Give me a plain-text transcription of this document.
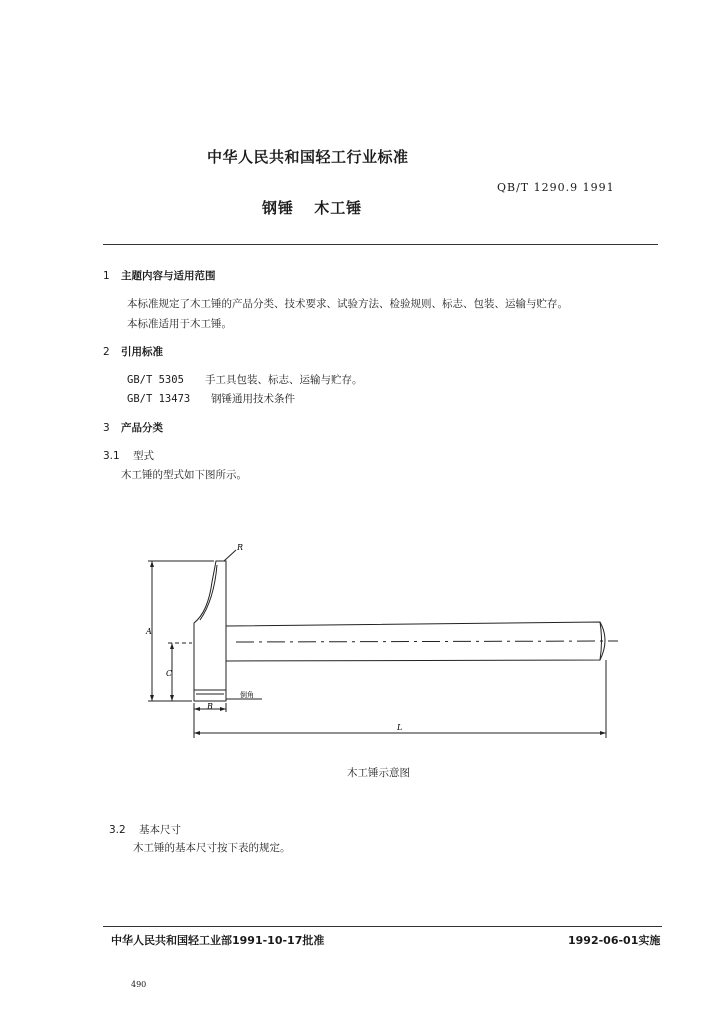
中华人民共和国轻工行业标准
QB/T 1290.9 1991
钢锤 木工锤
1 主题内容与适用范围
本标准规定了木工锤的产品分类、技术要求、试验方法、检验规则、标志、包装、运输与贮存。
本标准适用于木工锤。
2 引用标准
GB/T 5305 手工具包装、标志、运输与贮存。
GB/T 13473 钢锤通用技术条件
3 产品分类
3.1 型式
木工锤的型式如下图所示。
R
A
C
B
L
倒角
木工锤示意图
3.2 基本尺寸
木工锤的基本尺寸按下表的规定。
中华人民共和国轻工业部1991-10-17批准	1992-06-01实施
490
